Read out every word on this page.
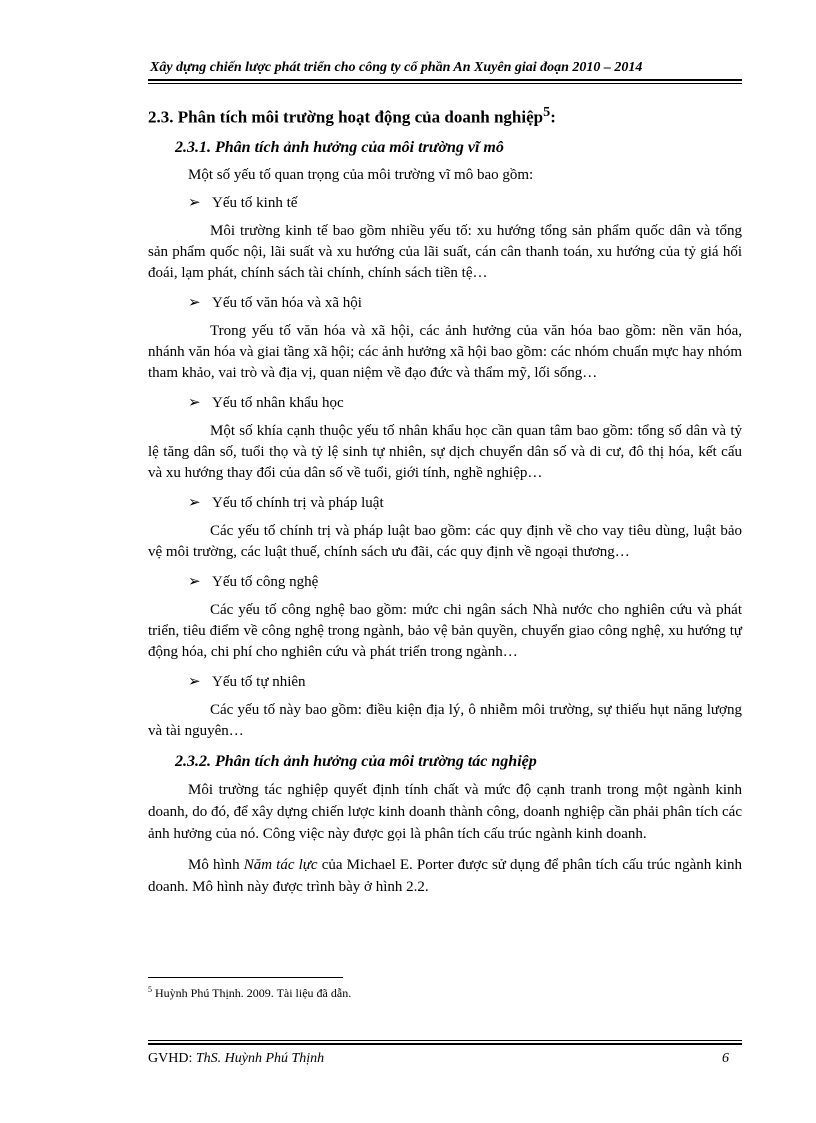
Xây dựng chiến lược phát triển cho công ty cổ phần An Xuyên giai đoạn 2010 – 2014
2.3. Phân tích môi trường hoạt động của doanh nghiệp$^5$:
2.3.1. Phân tích ảnh hưởng của môi trường vĩ mô

Một số yếu tố quan trọng của môi trường vĩ mô bao gồm:

➢ Yếu tố kinh tế

Môi trường kinh tế bao gồm nhiều yếu tố: xu hướng tổng sản phẩm quốc dân và tổng sản phẩm quốc nội, lãi suất và xu hướng của lãi suất, cán cân thanh toán, xu hướng của tỷ giá hối đoái, lạm phát, chính sách tài chính, chính sách tiền tệ…

➢ Yếu tố văn hóa và xã hội

Trong yếu tố văn hóa và xã hội, các ảnh hưởng của văn hóa bao gồm: nền văn hóa, nhánh văn hóa và giai tầng xã hội; các ảnh hưởng xã hội bao gồm: các nhóm chuẩn mực hay nhóm tham khảo, vai trò và địa vị, quan niệm về đạo đức và thẩm mỹ, lối sống…

➢ Yếu tố nhân khẩu học

Một số khía cạnh thuộc yếu tố nhân khẩu học cần quan tâm bao gồm: tổng số dân và tỷ lệ tăng dân số, tuổi thọ và tỷ lệ sinh tự nhiên, sự dịch chuyển dân số và di cư, đô thị hóa, kết cấu và xu hướng thay đổi của dân số về tuổi, giới tính, nghề nghiệp…

➢ Yếu tố chính trị và pháp luật

Các yếu tố chính trị và pháp luật bao gồm: các quy định về cho vay tiêu dùng, luật bảo vệ môi trường, các luật thuế, chính sách ưu đãi, các quy định về ngoại thương…

➢ Yếu tố công nghệ

Các yếu tố công nghệ bao gồm: mức chi ngân sách Nhà nước cho nghiên cứu và phát triển, tiêu điểm về công nghệ trong ngành, bảo vệ bản quyền, chuyển giao công nghệ, xu hướng tự động hóa, chi phí cho nghiên cứu và phát triển trong ngành…

➢ Yếu tố tự nhiên

Các yếu tố này bao gồm: điều kiện địa lý, ô nhiễm môi trường, sự thiếu hụt năng lượng và tài nguyên…

2.3.2. Phân tích ảnh hưởng của môi trường tác nghiệp

Môi trường tác nghiệp quyết định tính chất và mức độ cạnh tranh trong một ngành kinh doanh, do đó, để xây dựng chiến lược kinh doanh thành công, doanh nghiệp cần phải phân tích các ảnh hưởng của nó. Công việc này được gọi là phân tích cấu trúc ngành kinh doanh.

Mô hình Năm tác lực của Michael E. Porter được sử dụng để phân tích cấu trúc ngành kinh doanh. Mô hình này được trình bày ở hình 2.2.

$^5$ Huỳnh Phú Thịnh. 2009. Tài liệu đã dẫn.
GVHD: ThS. Huỳnh Phú Thịnh	6
